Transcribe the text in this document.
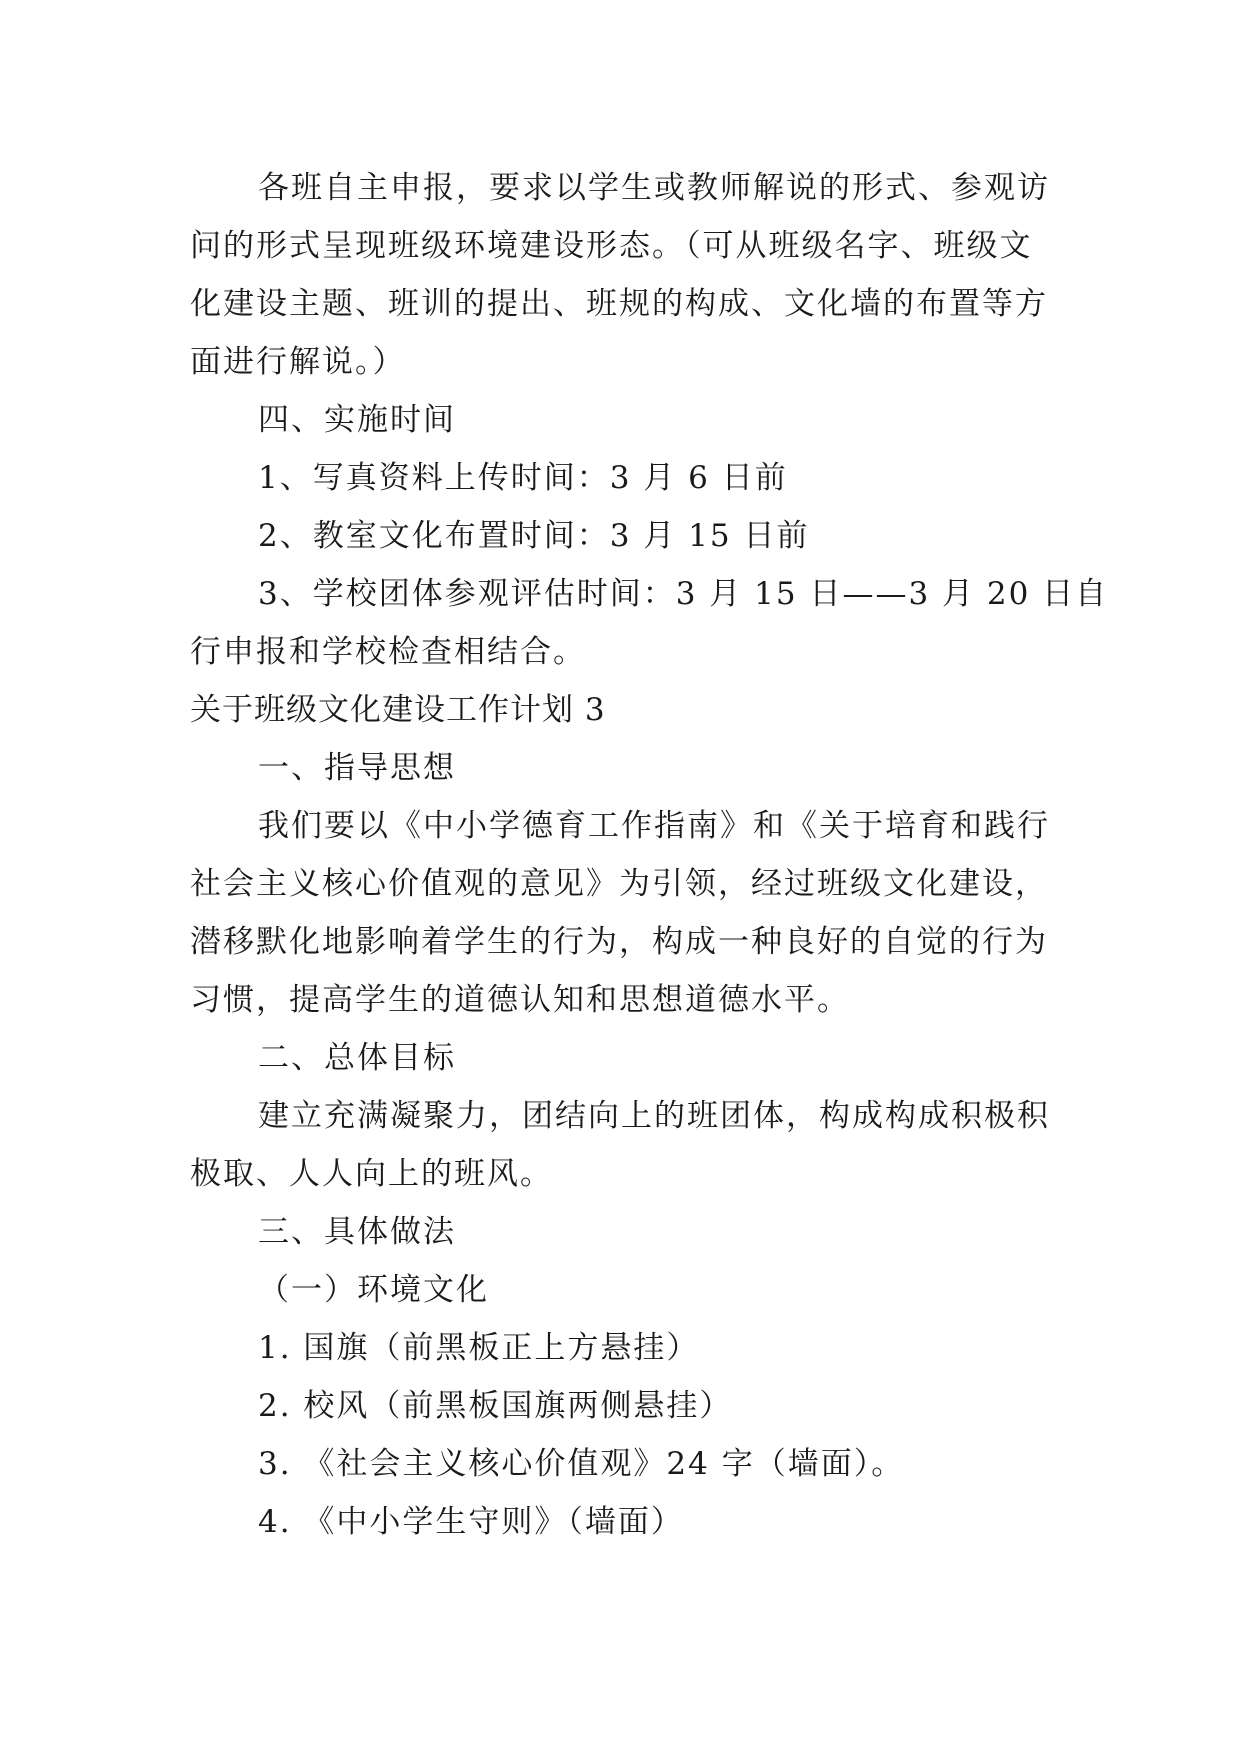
各班自主申报，要求以学生或教师解说的形式、参观访
问的形式呈现班级环境建设形态。（可从班级名字、班级文
化建设主题、班训的提出、班规的构成、文化墙的布置等方
面进行解说。）
四、实施时间
1、写真资料上传时间：3 月 6 日前
2、教室文化布置时间：3 月 15 日前
3、学校团体参观评估时间：3 月 15 日——3 月 20 日自
行申报和学校检查相结合。
关于班级文化建设工作计划 3
一、指导思想
我们要以《中小学德育工作指南》和《关于培育和践行
社会主义核心价值观的意见》为引领，经过班级文化建设，
潜移默化地影响着学生的行为，构成一种良好的自觉的行为
习惯，提高学生的道德认知和思想道德水平。
二、总体目标
建立充满凝聚力，团结向上的班团体，构成构成积极积
极取、人人向上的班风。
三、具体做法
（一）环境文化
1. 国旗（前黑板正上方悬挂）
2. 校风（前黑板国旗两侧悬挂）
3. 《社会主义核心价值观》24 字（墙面）。
4. 《中小学生守则》（墙面）
